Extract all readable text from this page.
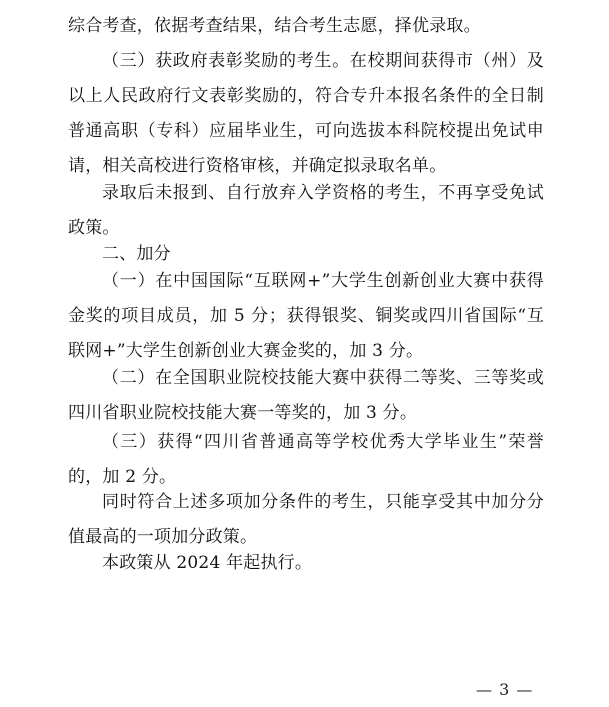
综合考查，依据考查结果，结合考生志愿，择优录取。

（三）获政府表彰奖励的考生。在校期间获得市（州）及以上人民政府行文表彰奖励的，符合专升本报名条件的全日制普通高职（专科）应届毕业生，可向选拔本科院校提出免试申请，相关高校进行资格审核，并确定拟录取名单。

录取后未报到、自行放弃入学资格的考生，不再享受免试政策。

二、加分

（一）在中国国际“互联网+”大学生创新创业大赛中获得金奖的项目成员，加 5 分；获得银奖、铜奖或四川省国际“互联网+”大学生创新创业大赛金奖的，加 3 分。

（二）在全国职业院校技能大赛中获得二等奖、三等奖或四川省职业院校技能大赛一等奖的，加 3 分。

（三）获得“四川省普通高等学校优秀大学毕业生”荣誉的，加 2 分。

同时符合上述多项加分条件的考生，只能享受其中加分分值最高的一项加分政策。

本政策从 2024 年起执行。

— 3 —
